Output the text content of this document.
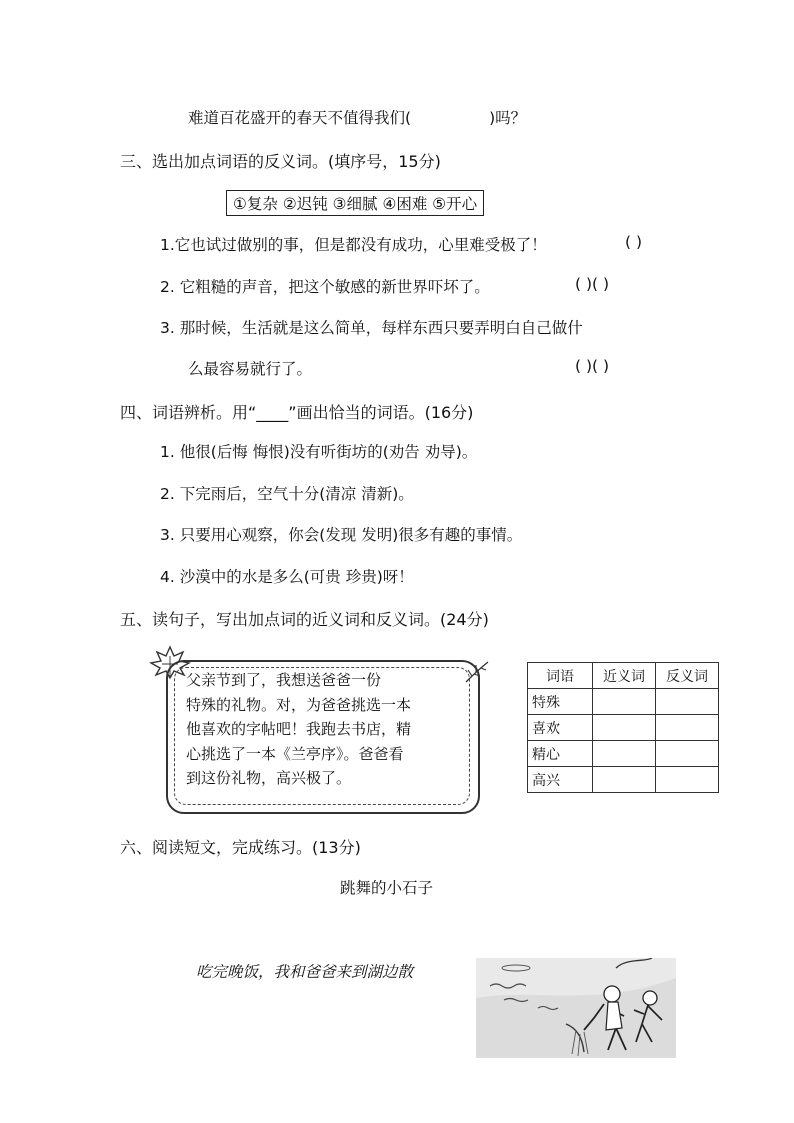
难道百花盛开的春天不值得我们(	)吗？
三、选出加点词语的反义词。(填序号，15分)
①复杂 ②迟钝 ③细腻 ④困难 ⑤开心
1.它也试过做别的事，但是都没有成功，心里难受极了！	( )
2. 它粗糙的声音，把这个敏感的新世界吓坏了。	( )( )
3. 那时候，生活就是这么简单，每样东西只要弄明白自己做什
么最容易就行了。	( )( )
四、词语辨析。用“____”画出恰当的词语。(16分)
1. 他很(后悔 悔恨)没有听街坊的(劝告 劝导)。
2. 下完雨后，空气十分(清凉 清新)。
3. 只要用心观察，你会(发现 发明)很多有趣的事情。
4. 沙漠中的水是多么(可贵 珍贵)呀！
五、读句子，写出加点词的近义词和反义词。(24分)
父亲节到了，我想送爸爸一份
特殊的礼物。对，为爸爸挑选一本
他喜欢的字帖吧！我跑去书店，精
心挑选了一本《兰亭序》。爸爸看
到这份礼物，高兴极了。
词语	近义词	反义词
特殊		
喜欢		
精心		
高兴		
六、阅读短文，完成练习。(13分)
跳舞的小石子
吃完晚饭，我和爸爸来到湖边散
